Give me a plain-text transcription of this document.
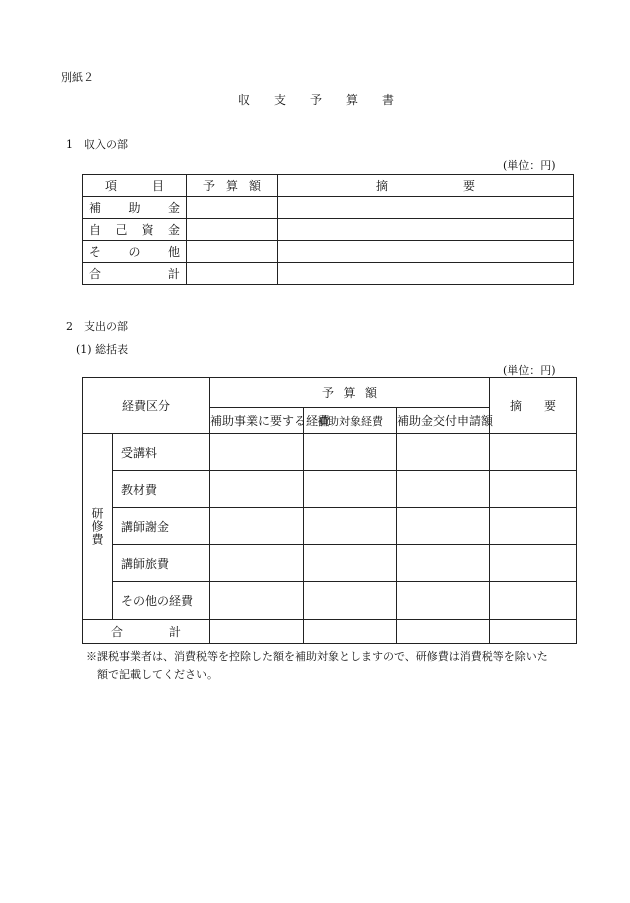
別紙２
収 支 予 算 書
1　収入の部
(単位：円)
項 目	予 算 額	摘 要

補 助 金		

自 己 資 金		

そ の 他		

合 計		

2　支出の部
(1) 総括表
(単位：円)
経費区分		予 算 額			摘 要

		補助事業に要する経費	補助対象経費	補助金交付申請額	

研修費	受講料				
	教材費				
	講師謝金				
	講師旅費				
	その他の経費				

合 計					

※課税事業者は、消費税等を控除した額を補助対象としますので、研修費は消費税等を除いた
額で記載してください。
